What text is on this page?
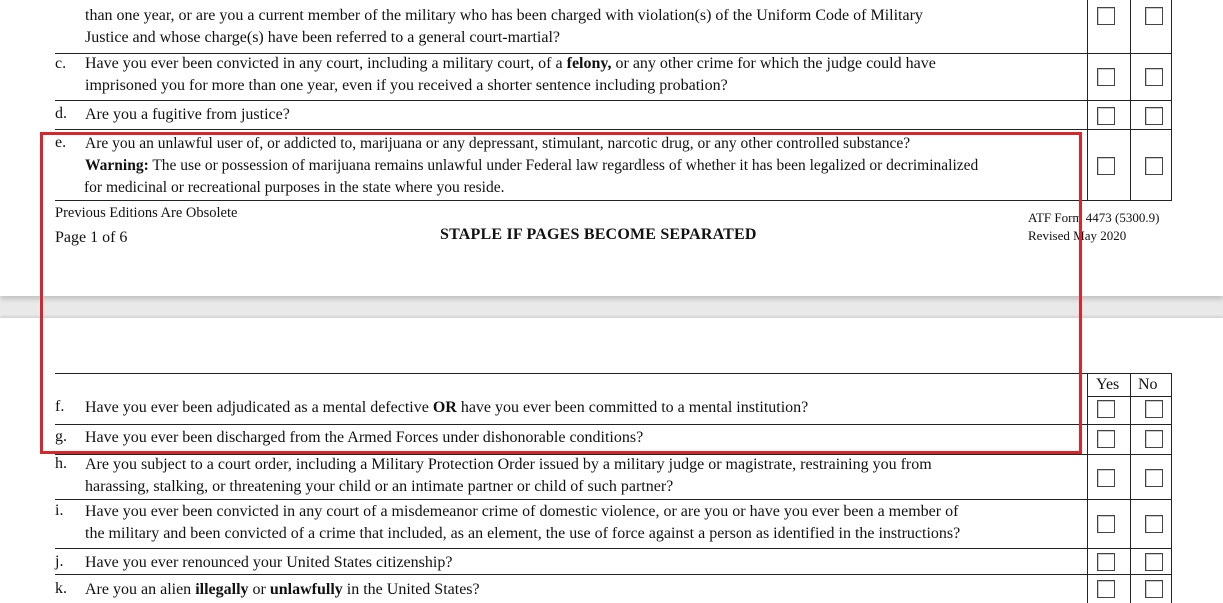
than one year, or are you a current member of the military who has been charged with violation(s) of the Uniform Code of Military
Justice and whose charge(s) have been referred to a general court-martial?
c. Have you ever been convicted in any court, including a military court, of a felony, or any other crime for which the judge could have
imprisoned you for more than one year, even if you received a shorter sentence including probation?
d. Are you a fugitive from justice?
e. Are you an unlawful user of, or addicted to, marijuana or any depressant, stimulant, narcotic drug, or any other controlled substance?
Warning: The use or possession of marijuana remains unlawful under Federal law regardless of whether it has been legalized or decriminalized
for medicinal or recreational purposes in the state where you reside.
Previous Editions Are Obsolete
Page 1 of 6	STAPLE IF PAGES BECOME SEPARATED
ATF Form 4473 (5300.9)
Revised May 2020
Yes No
f. Have you ever been adjudicated as a mental defective OR have you ever been committed to a mental institution?
g. Have you ever been discharged from the Armed Forces under dishonorable conditions?
h. Are you subject to a court order, including a Military Protection Order issued by a military judge or magistrate, restraining you from
harassing, stalking, or threatening your child or an intimate partner or child of such partner?
i. Have you ever been convicted in any court of a misdemeanor crime of domestic violence, or are you or have you ever been a member of
the military and been convicted of a crime that included, as an element, the use of force against a person as identified in the instructions?
j. Have you ever renounced your United States citizenship?
k. Are you an alien illegally or unlawfully in the United States?
